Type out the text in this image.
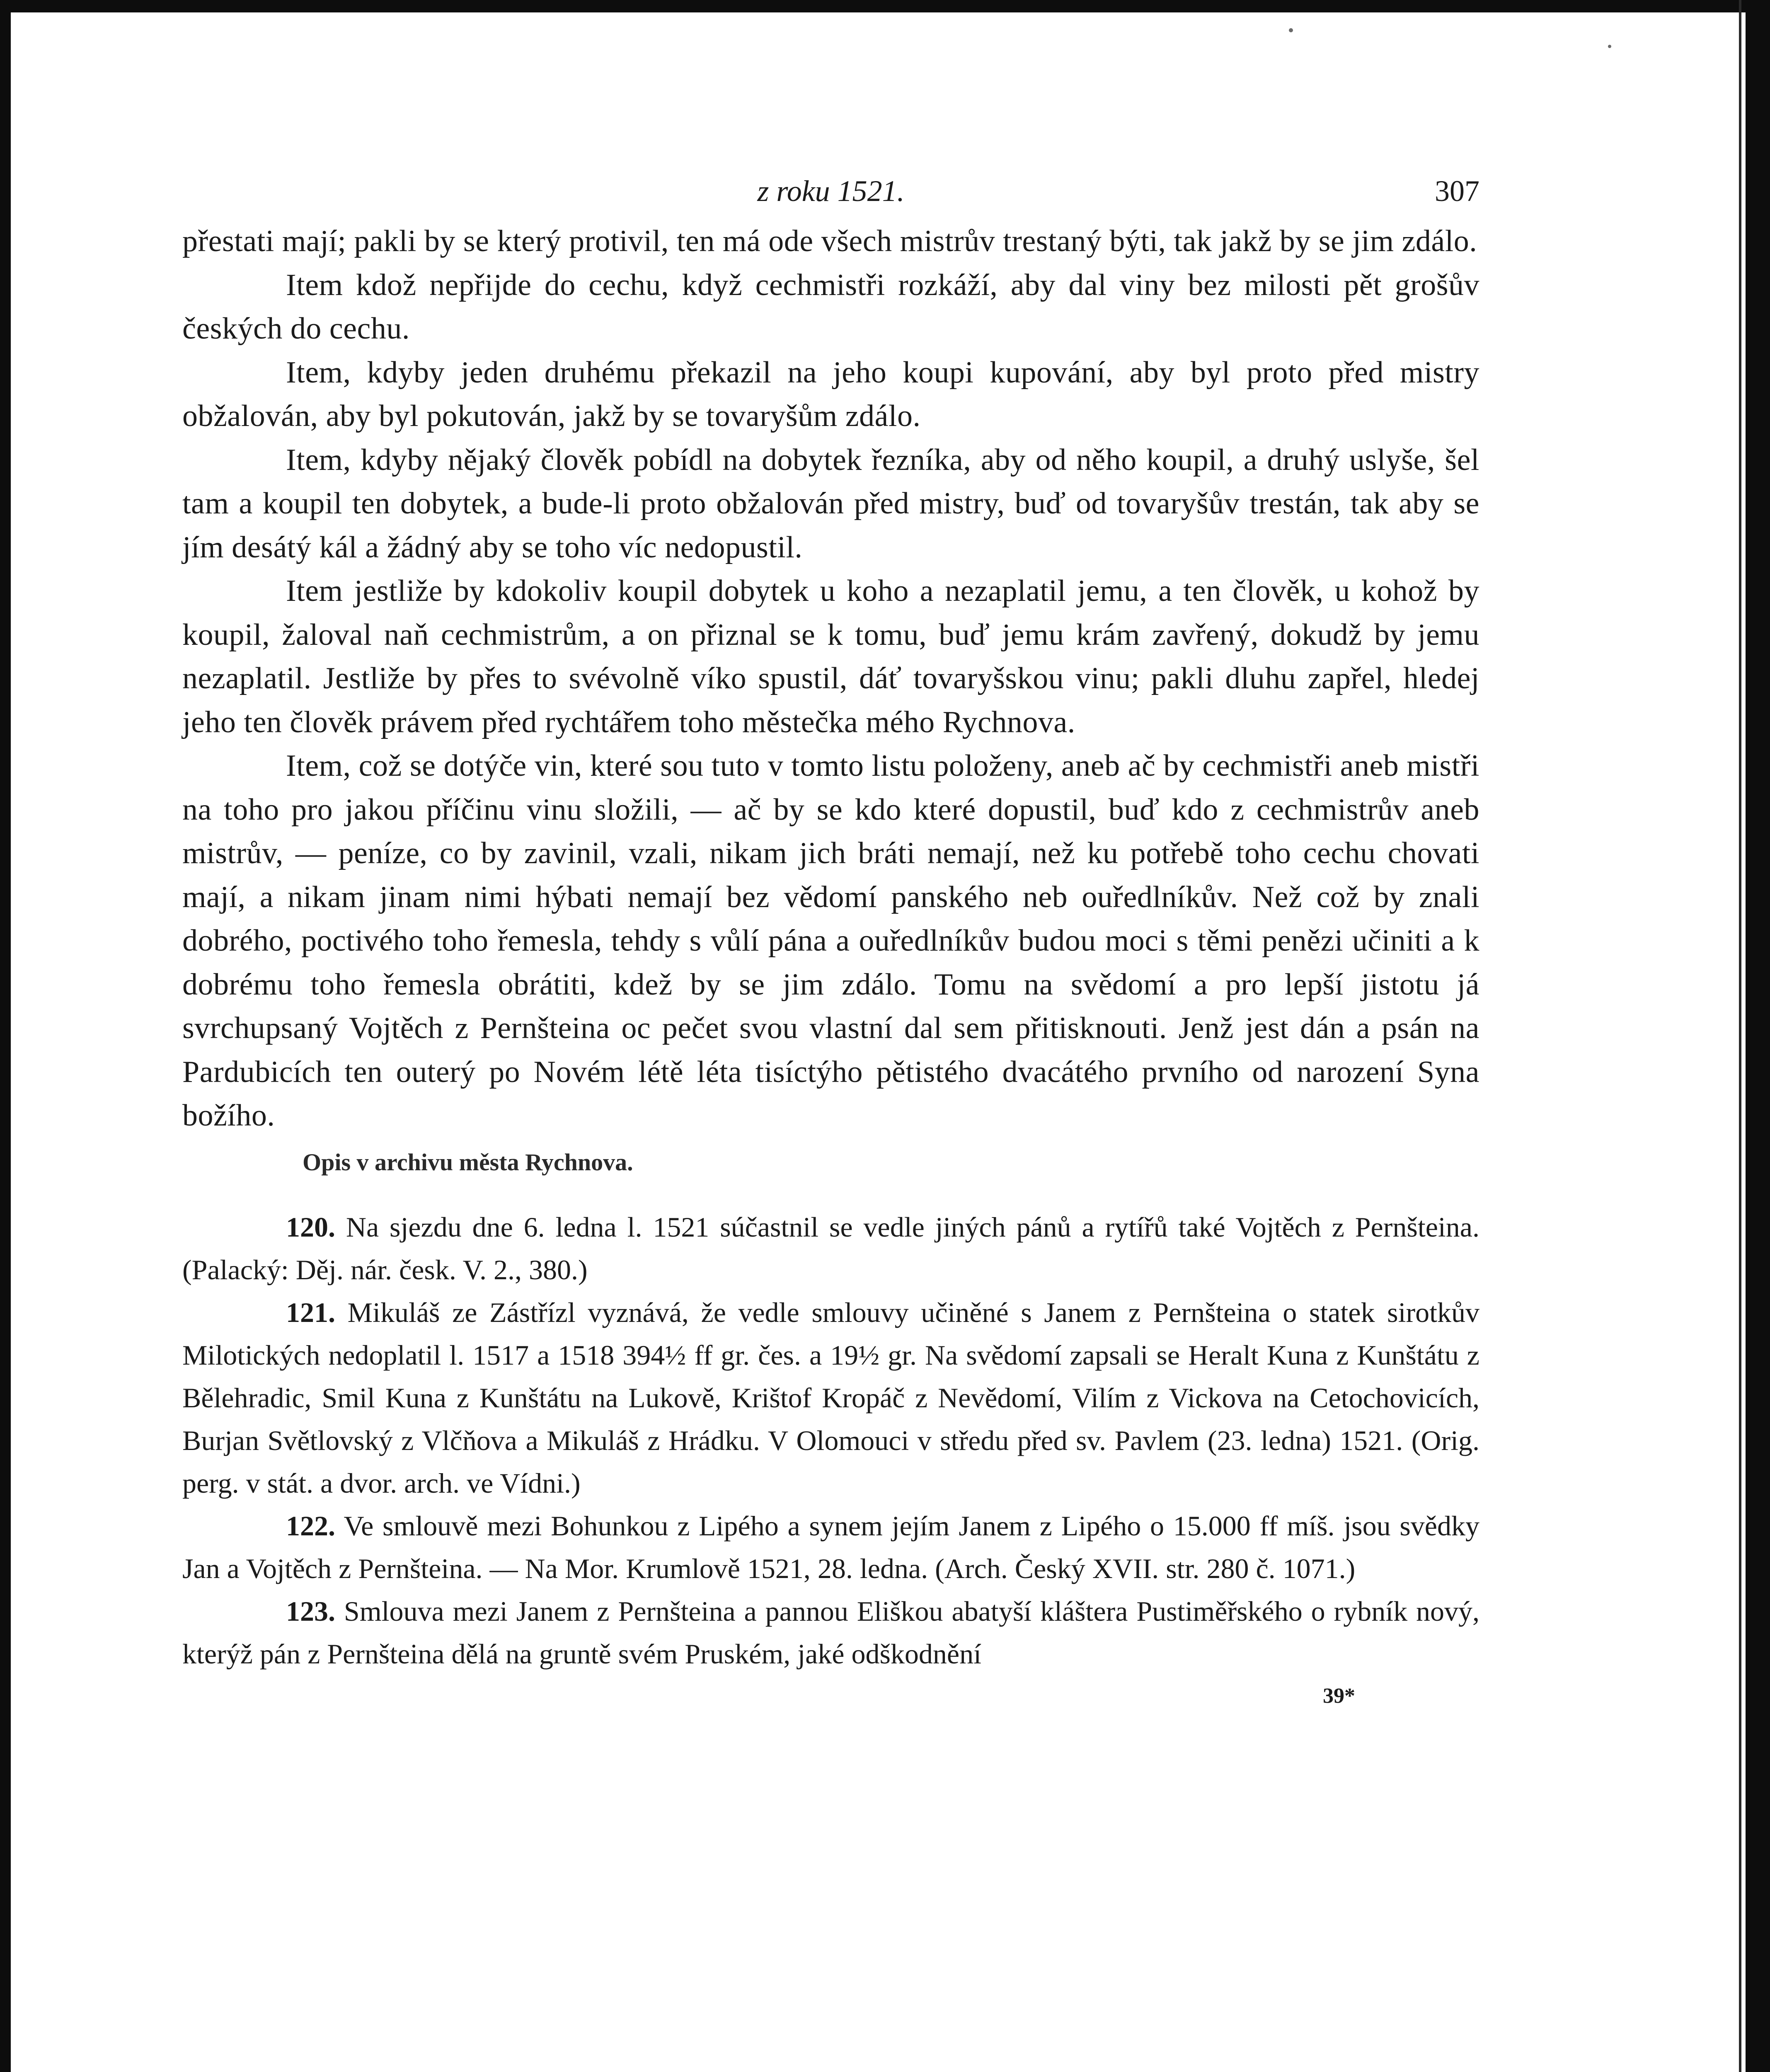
z roku 1521.	307

přestati mají; pakli by se který protivil, ten má ode všech mistrův trestaný býti, tak jakž by se jim zdálo.

Item kdož nepřijde do cechu, když cechmistři rozkáží, aby dal viny bez milosti pět grošův českých do cechu.

Item, kdyby jeden druhému překazil na jeho koupi kupování, aby byl proto před mistry obžalován, aby byl pokutován, jakž by se tovaryšům zdálo.

Item, kdyby nějaký člověk pobídl na dobytek řezníka, aby od něho koupil, a druhý uslyše, šel tam a koupil ten dobytek, a bude-li proto obžalován před mistry, buď od tovaryšův trestán, tak aby se jím desátý kál a žádný aby se toho víc nedopustil.

Item jestliže by kdokoliv koupil dobytek u koho a nezaplatil jemu, a ten člověk, u kohož by koupil, žaloval naň cechmistrům, a on přiznal se k tomu, buď jemu krám zavřený, dokudž by jemu nezaplatil. Jestliže by přes to svévolně víko spustil, dáť tovaryšskou vinu; pakli dluhu zapřel, hledej jeho ten člověk právem před rychtářem toho městečka mého Rychnova.

Item, což se dotýče vin, které sou tuto v tomto listu položeny, aneb ač by cechmistři aneb mistři na toho pro jakou příčinu vinu složili, — ač by se kdo které dopustil, buď kdo z cechmistrův aneb mistrův, — peníze, co by zavinil, vzali, nikam jich bráti nemají, než ku potřebě toho cechu chovati mají, a nikam jinam nimi hýbati nemají bez vědomí panského neb ouředlníkův. Než což by znali dobrého, poctivého toho řemesla, tehdy s vůlí pána a ouředlníkův budou moci s těmi penězi učiniti a k dobrému toho řemesla obrátiti, kdež by se jim zdálo. Tomu na svědomí a pro lepší jistotu já svrchupsaný Vojtěch z Pernšteina oc pečet svou vlastní dal sem přitisknouti. Jenž jest dán a psán na Pardubicích ten outerý po Novém létě léta tisíctýho pětistého dvacátého prvního od narození Syna božího.

Opis v archivu města Rychnova.

120. Na sjezdu dne 6. ledna l. 1521 súčastnil se vedle jiných pánů a rytířů také Vojtěch z Pernšteina. (Palacký: Děj. nár. česk. V. 2., 380.)

121. Mikuláš ze Zástřízl vyznává, že vedle smlouvy učiněné s Janem z Pernšteina o statek sirotkův Milotických nedoplatil l. 1517 a 1518 394½ ff gr. čes. a 19½ gr. Na svědomí zapsali se Heralt Kuna z Kunštátu z Bělehradic, Smil Kuna z Kunštátu na Lukově, Krištof Kropáč z Nevědomí, Vilím z Vickova na Cetochovicích, Burjan Světlovský z Vlčňova a Mikuláš z Hrádku. V Olomouci v středu před sv. Pavlem (23. ledna) 1521. (Orig. perg. v stát. a dvor. arch. ve Vídni.)

122. Ve smlouvě mezi Bohunkou z Lipého a synem jejím Janem z Lipého o 15.000 ff míš. jsou svědky Jan a Vojtěch z Pernšteina. — Na Mor. Krumlově 1521, 28. ledna. (Arch. Český XVII. str. 280 č. 1071.)

123. Smlouva mezi Janem z Pernšteina a pannou Eliškou abatyší kláštera Pustiměřského o rybník nový, kterýž pán z Pernšteina dělá na gruntě svém Pruském, jaké odškodnění

39*
